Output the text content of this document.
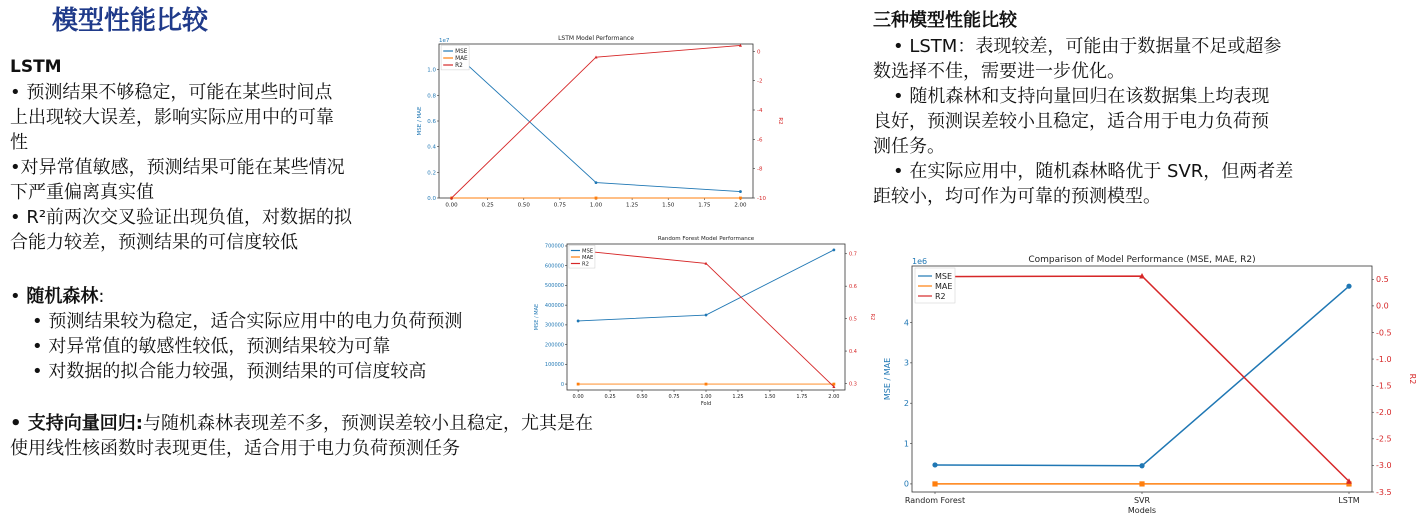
模型性能比较
LSTM
• 预测结果不够稳定，可能在某些时间点
上出现较大误差，影响实际应用中的可靠
性
•对异常值敏感，预测结果可能在某些情况
下严重偏离真实值
• R²前两次交叉验证出现负值，对数据的拟
合能力较差，预测结果的可信度较低
• 随机森林:
• 预测结果较为稳定，适合实际应用中的电力负荷预测
• 对异常值的敏感性较低，预测结果较为可靠
• 对数据的拟合能力较强，预测结果的可信度较高
• 支持向量回归:与随机森林表现差不多，预测误差较小且稳定，尤其是在
使用线性核函数时表现更佳，适合用于电力负荷预测任务
三种模型性能比较
• LSTM：表现较差，可能由于数据量不足或超参
数选择不佳，需要进一步优化。
• 随机森林和支持向量回归在该数据集上均表现
良好，预测误差较小且稳定，适合用于电力负荷预
测任务。
• 在实际应用中，随机森林略优于 SVR，但两者差
距较小，均可作为可靠的预测模型。
LSTM Model Performance
0.0
0.2
0.4
0.6
0.8
1.0
1e7
MSE / MAE
0
-2
-4
-6
-8
-10
R2
0.00	0.25	0.50	0.75	1.00	1.25	1.50	1.75	2.00
MSE
MAE
R2
Random Forest Model Performance
0
100000
200000
300000
400000
500000
600000
700000
MSE / MAE
0.3
0.4
0.5
0.6
0.7
R2
0.00	0.25	0.50	0.75	1.00	1.25	1.50	1.75	2.00
Fold
MSE
MAE
R2	Comparison of Model Performance (MSE, MAE, R2)
0
1
2
3
4
1e6
MSE / MAE
0.5
0.0
-0.5
-1.0
-1.5
-2.0
-2.5
-3.0
-3.5
R2
Random Forest	SVR	LSTM
Models
MSE
MAE
R2
